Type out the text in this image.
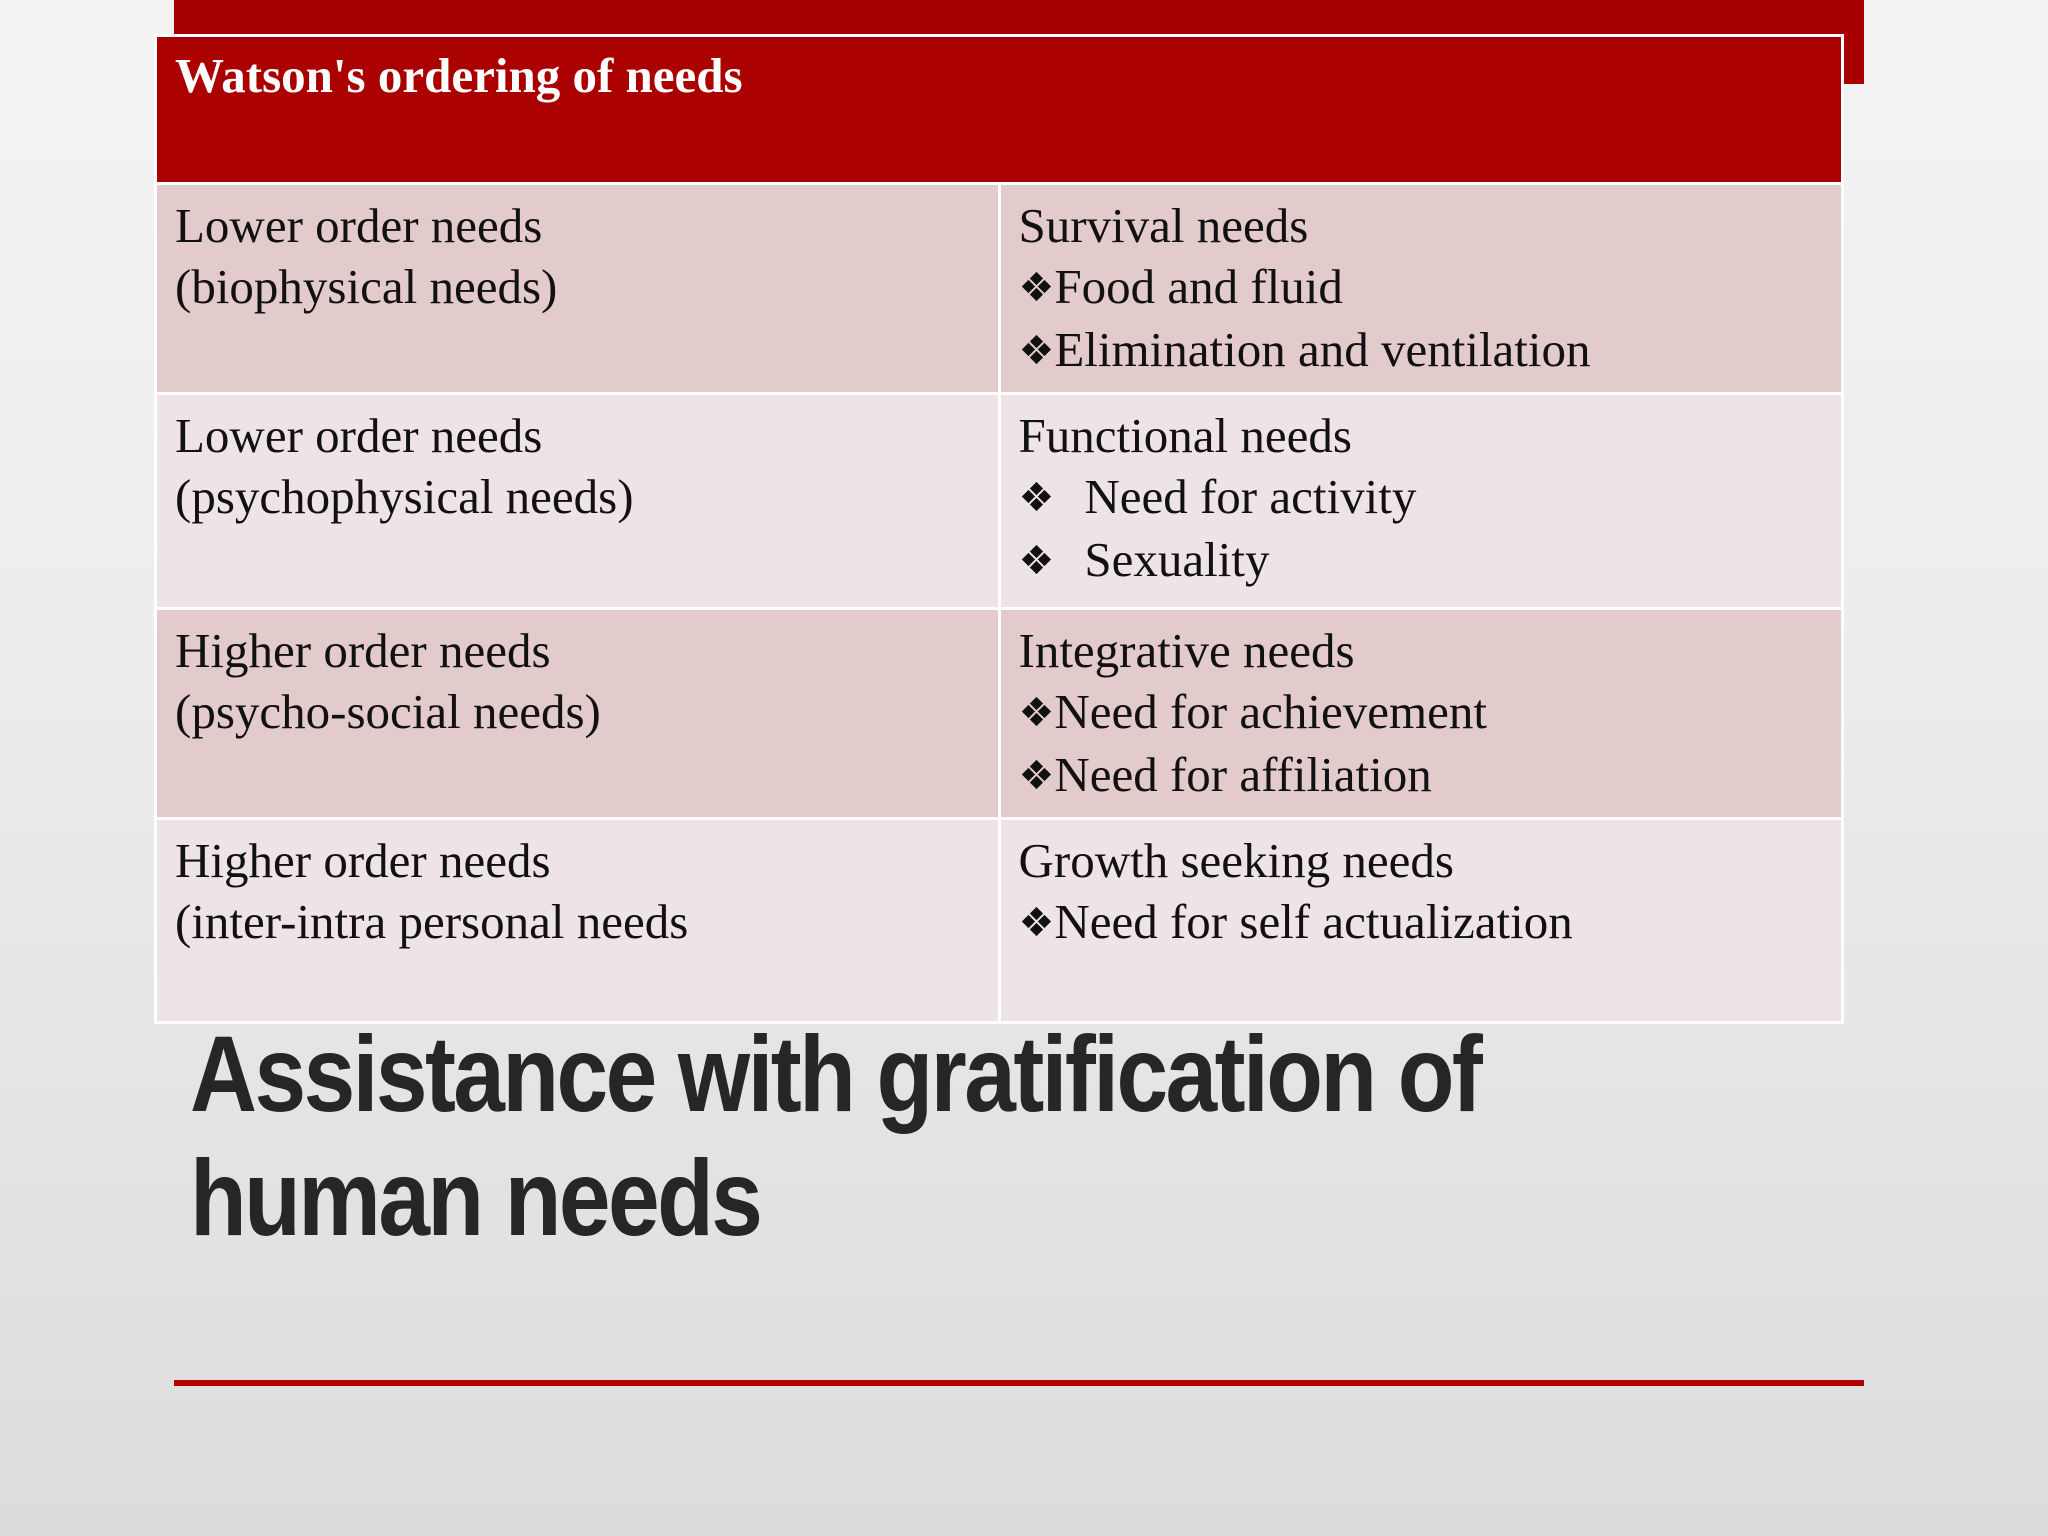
Watson's ordering of needs	

Lower order needs
(biophysical needs)	Survival needs
❖Food and fluid
❖Elimination and ventilation

Lower order needs
(psychophysical needs)	Functional needs
❖ Need for activity
❖ Sexuality

Higher order needs
(psycho-social needs)	Integrative needs
❖Need for achievement
❖Need for affiliation

Higher order needs
(inter-intra personal needs	Growth seeking needs
❖Need for self actualization
Assistance with gratification of
human needs
